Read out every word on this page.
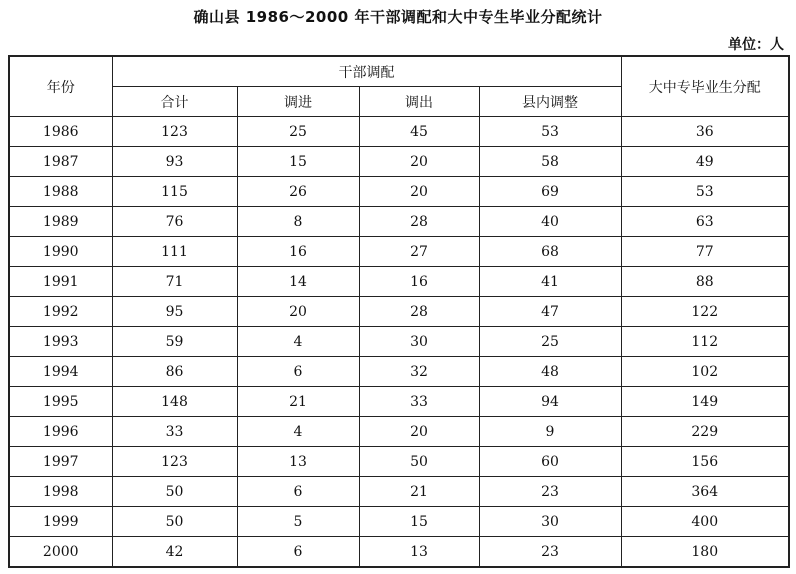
确山县 1986～2000 年干部调配和大中专生毕业分配统计
单位：人
年份	干部调配				大中专毕业生分配
	合计	调进	调出	县内调整	
1986	123	25	45	53	36
1987	93	15	20	58	49
1988	115	26	20	69	53
1989	76	8	28	40	63
1990	111	16	27	68	77
1991	71	14	16	41	88
1992	95	20	28	47	122
1993	59	4	30	25	112
1994	86	6	32	48	102
1995	148	21	33	94	149
1996	33	4	20	9	229
1997	123	13	50	60	156
1998	50	6	21	23	364
1999	50	5	15	30	400
2000	42	6	13	23	180
